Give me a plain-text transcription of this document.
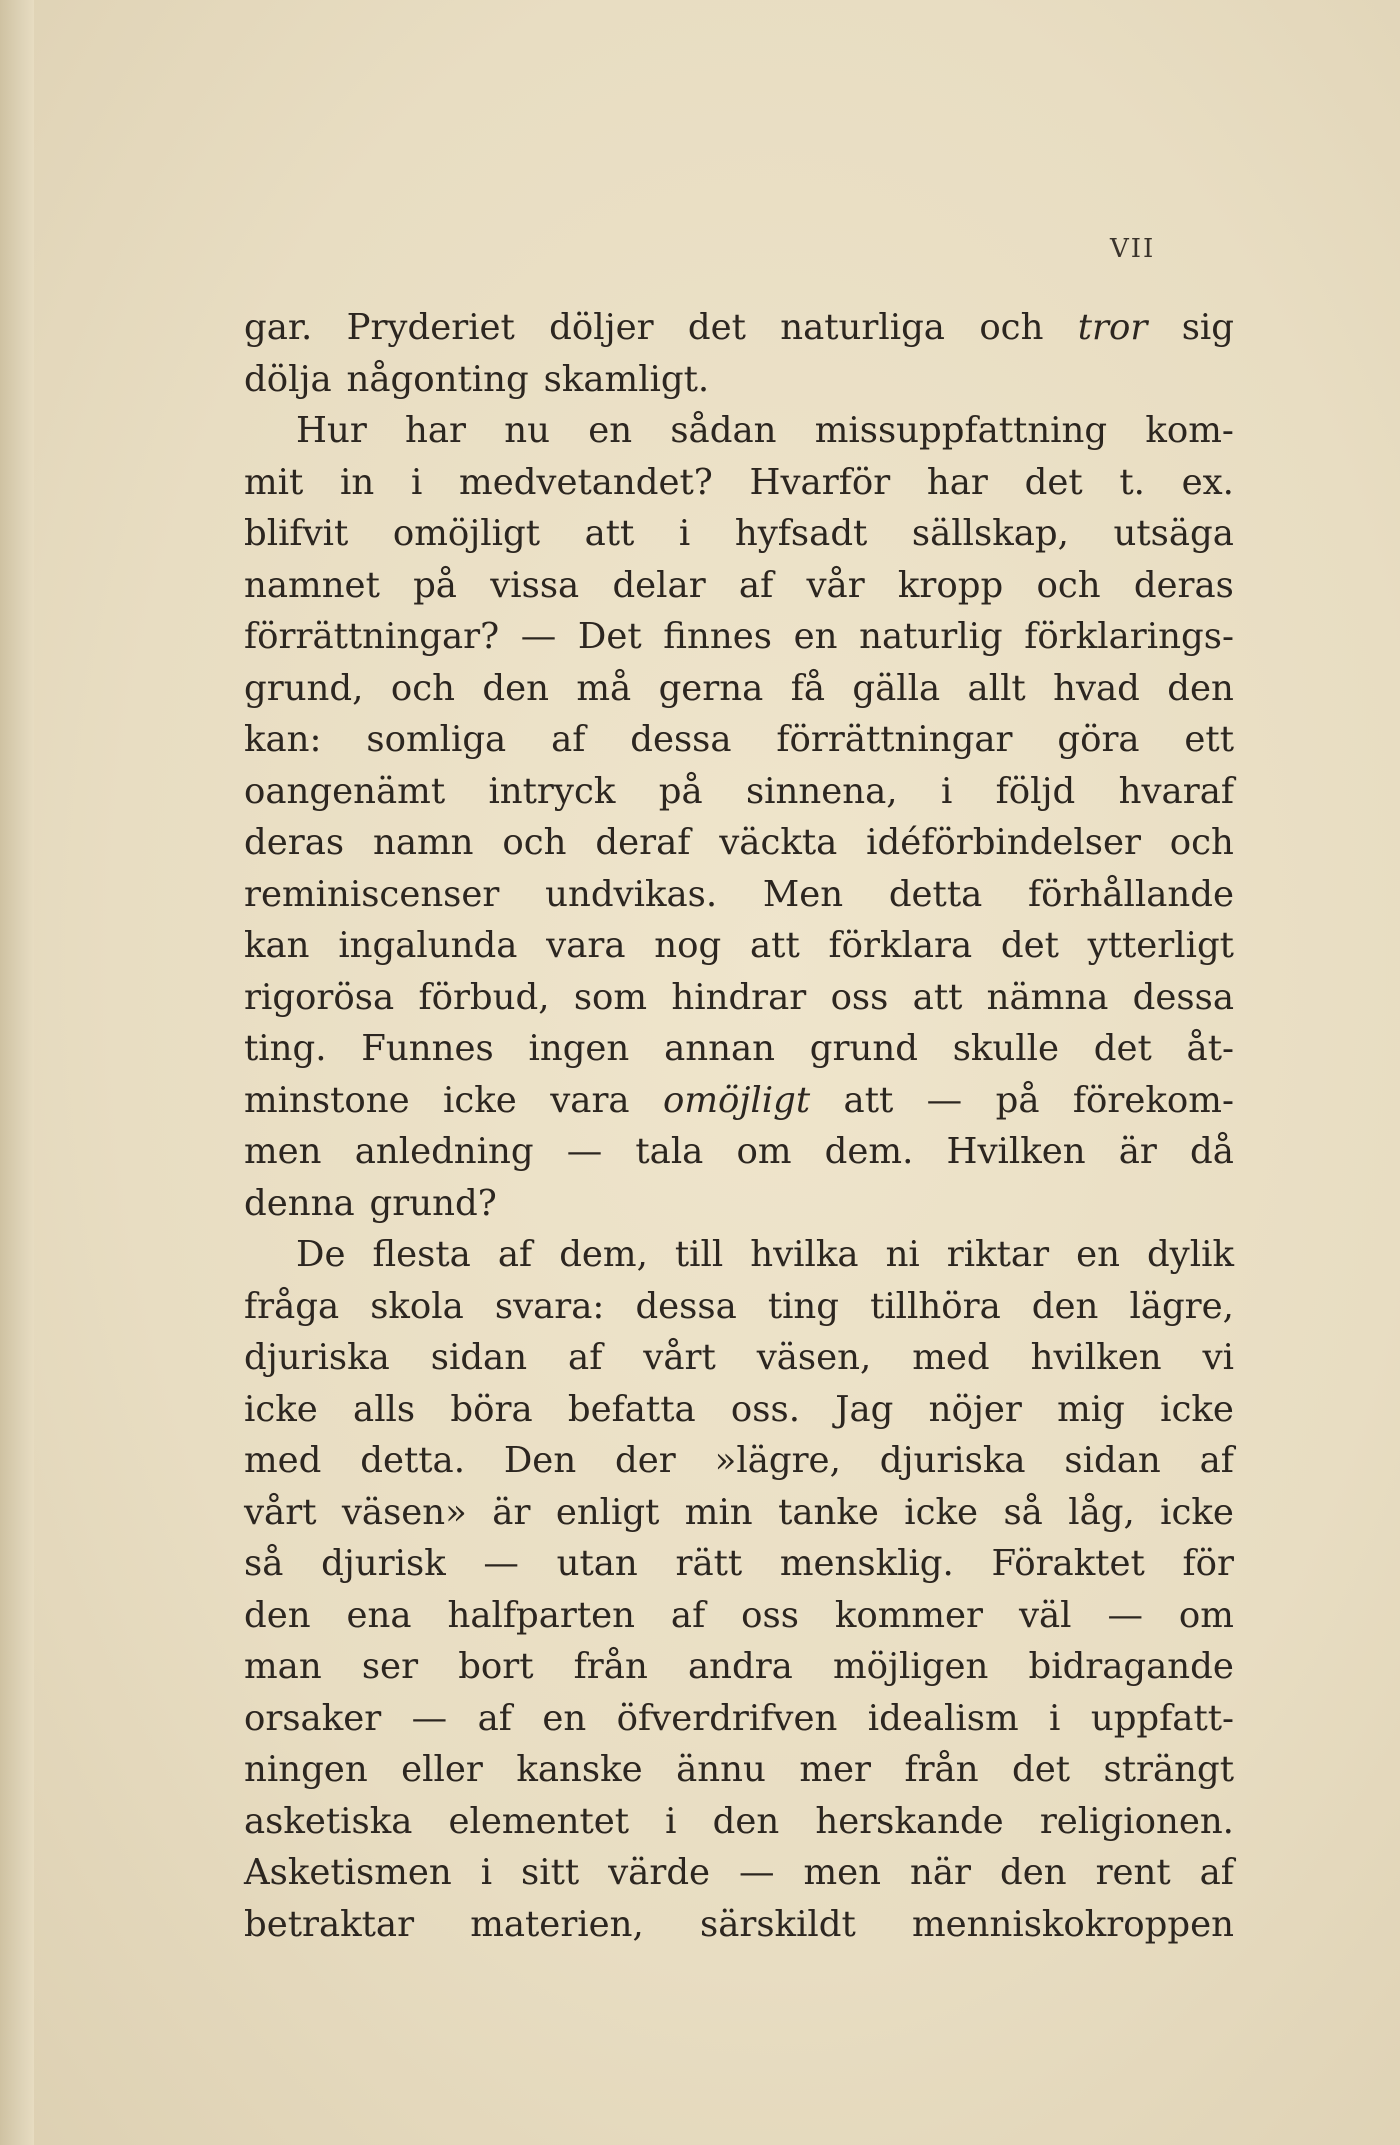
VII
gar. Pryderiet döljer det naturliga och tror sig
dölja någonting skamligt.
Hur har nu en sådan missuppfattning kom-
mit in i medvetandet? Hvarför har det t. ex.
blifvit omöjligt att i hyfsadt sällskap, utsäga
namnet på vissa delar af vår kropp och deras
förrättningar? — Det finnes en naturlig förklarings-
grund, och den må gerna få gälla allt hvad den
kan: somliga af dessa förrättningar göra ett
oangenämt intryck på sinnena, i följd hvaraf
deras namn och deraf väckta idéförbindelser och
reminiscenser undvikas. Men detta förhållande
kan ingalunda vara nog att förklara det ytterligt
rigorösa förbud, som hindrar oss att nämna dessa
ting. Funnes ingen annan grund skulle det åt-
minstone icke vara omöjligt att — på förekom-
men anledning — tala om dem. Hvilken är då
denna grund?
De flesta af dem, till hvilka ni riktar en dylik
fråga skola svara: dessa ting tillhöra den lägre,
djuriska sidan af vårt väsen, med hvilken vi
icke alls böra befatta oss. Jag nöjer mig icke
med detta. Den der »lägre, djuriska sidan af
vårt väsen» är enligt min tanke icke så låg, icke
så djurisk — utan rätt mensklig. Föraktet för
den ena halfparten af oss kommer väl — om
man ser bort från andra möjligen bidragande
orsaker — af en öfverdrifven idealism i uppfatt-
ningen eller kanske ännu mer från det strängt
asketiska elementet i den herskande religionen.
Asketismen i sitt värde — men när den rent af
betraktar materien, särskildt menniskokroppen
